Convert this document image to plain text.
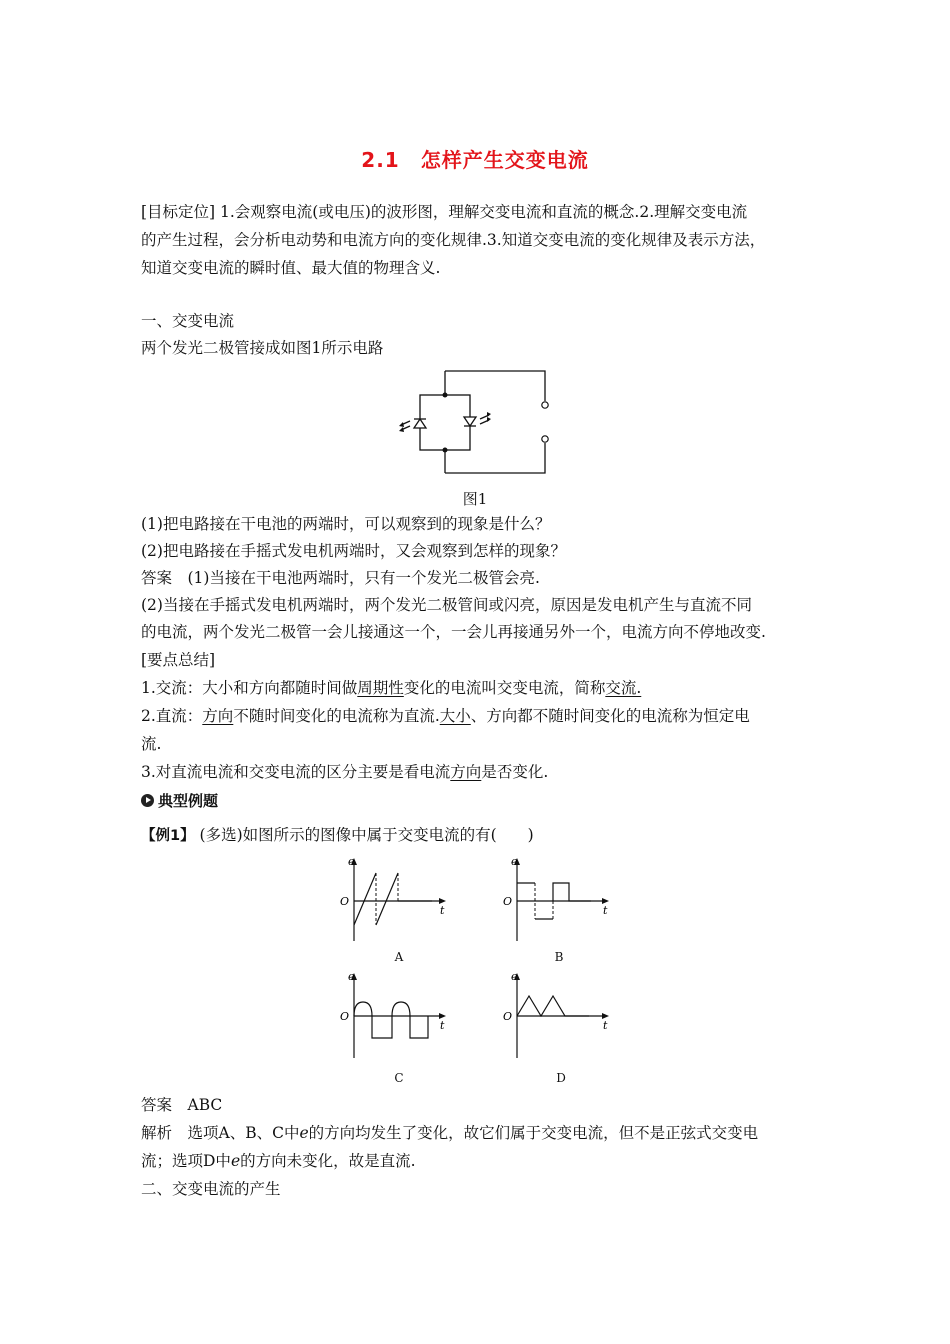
2.1　怎样产生交变电流
[目标定位] 1.会观察电流(或电压)的波形图，理解交变电流和直流的概念.2.理解交变电流
的产生过程，会分析电动势和电流方向的变化规律.3.知道交变电流的变化规律及表示方法，
知道交变电流的瞬时值、最大值的物理含义.
一、交变电流
两个发光二极管接成如图1所示电路
图1
(1)把电路接在干电池的两端时，可以观察到的现象是什么？
(2)把电路接在手摇式发电机两端时，又会观察到怎样的现象？
答案　(1)当接在干电池两端时，只有一个发光二极管会亮.
(2)当接在手摇式发电机两端时，两个发光二极管间或闪亮，原因是发电机产生与直流不同
的电流，两个发光二极管一会儿接通这一个，一会儿再接通另外一个，电流方向不停地改变.
[要点总结]
1.交流：大小和方向都随时间做周期性变化的电流叫交变电流，简称交流.
2.直流：方向不随时间变化的电流称为直流.大小、方向都不随时间变化的电流称为恒定电
流.
3.对直流电流和交变电流的区分主要是看电流方向是否变化.
典型例题
【例1】 (多选)如图所示的图像中属于交变电流的有(　　)
e
O
t
A
e
O
t
B
e
O
t
C
e
O
t
D
答案　ABC
解析　选项A、B、C中e的方向均发生了变化，故它们属于交变电流，但不是正弦式交变电
流；选项D中e的方向未变化，故是直流.
二、交变电流的产生
